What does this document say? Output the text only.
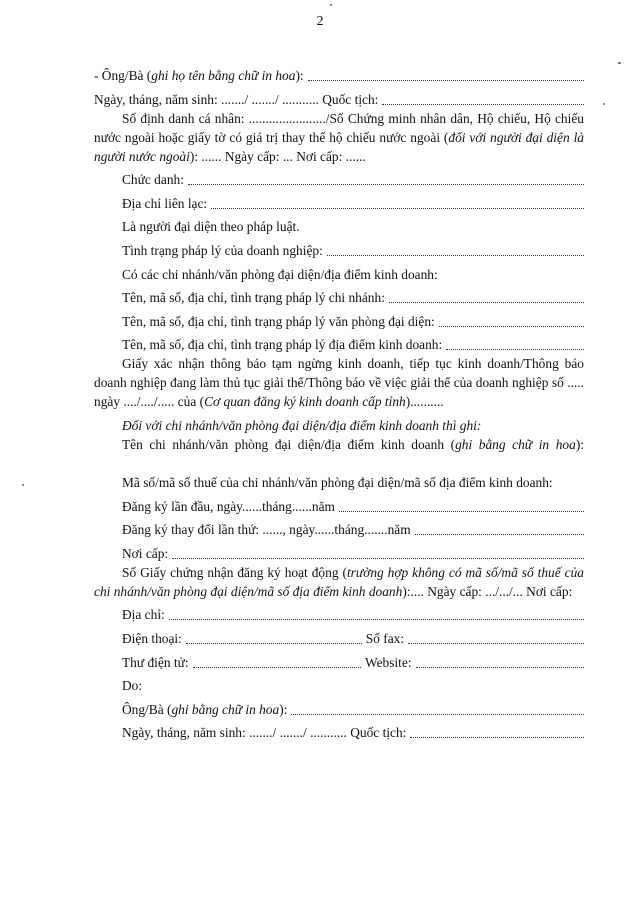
2
- Ông/Bà (ghi họ tên bằng chữ in hoa):
Ngày, tháng, năm sinh: ......./ ......./ ........... Quốc tịch:

Số định danh cá nhân: ......................./Số Chứng minh nhân dân, Hộ chiếu, Hộ chiếu nước ngoài hoặc giấy tờ có giá trị thay thế hộ chiếu nước ngoài (đối với người đại diện là người nước ngoài): ...... Ngày cấp: ... Nơi cấp: ......

Chức danh:
Địa chỉ liên lạc:
Là người đại diện theo pháp luật.
Tình trạng pháp lý của doanh nghiệp:
Có các chi nhánh/văn phòng đại diện/địa điểm kinh doanh:
Tên, mã số, địa chỉ, tình trạng pháp lý chi nhánh:
Tên, mã số, địa chỉ, tình trạng pháp lý văn phòng đại diện:
Tên, mã số, địa chỉ, tình trạng pháp lý địa điểm kinh doanh:

Giấy xác nhận thông báo tạm ngừng kinh doanh, tiếp tục kinh doanh/Thông báo doanh nghiệp đang làm thủ tục giải thể/Thông báo về việc giải thể của doanh nghiệp số ..... ngày ..../..../..... của (Cơ quan đăng ký kinh doanh cấp tỉnh)..........

Đối với chi nhánh/văn phòng đại diện/địa điểm kinh doanh thì ghi:

Tên chi nhánh/văn phòng đại diện/địa điểm kinh doanh (ghi bằng chữ in hoa):

Mã số/mã số thuế của chi nhánh/văn phòng đại diện/mã số địa điểm kinh doanh:

Đăng ký lần đầu, ngày......tháng......năm
Đăng ký thay đổi lần thứ: ......, ngày......tháng.......năm
Nơi cấp:

Số Giấy chứng nhận đăng ký hoạt động (trường hợp không có mã số/mã số thuế của chi nhánh/văn phòng đại diện/mã số địa điểm kinh doanh):.... Ngày cấp: .../.../... Nơi cấp:

Địa chỉ:
Điện thoại:	Số fax:
Thư điện tử:	Website:
Do:
Ông/Bà (ghi bằng chữ in hoa):
Ngày, tháng, năm sinh: ......./ ......./ ........... Quốc tịch:
